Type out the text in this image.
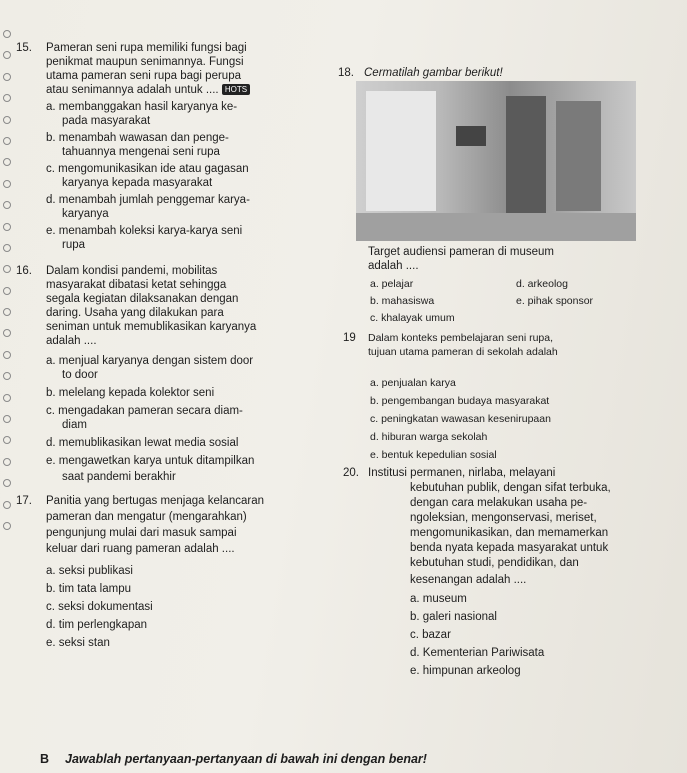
15. Pameran seni rupa memiliki fungsi bagi
penikmat maupun senimannya. Fungsi
utama pameran seni rupa bagi perupa
atau senimannya adalah untuk .... HOTS
a. membanggakan hasil karyanya ke-
pada masyarakat
b. menambah wawasan dan penge-
tahuannya mengenai seni rupa
c. mengomunikasikan ide atau gagasan
karyanya kepada masyarakat
d. menambah jumlah penggemar karya-
karyanya
e. menambah koleksi karya-karya seni
rupa
16. Dalam kondisi pandemi, mobilitas
masyarakat dibatasi ketat sehingga
segala kegiatan dilaksanakan dengan
daring. Usaha yang dilakukan para
seniman untuk memublikasikan karyanya
adalah ....
a. menjual karyanya dengan sistem door
to door
b. melelang kepada kolektor seni
c. mengadakan pameran secara diam-
diam
d. memublikasikan lewat media sosial
e. mengawetkan karya untuk ditampilkan
saat pandemi berakhir
17. Panitia yang bertugas menjaga kelancaran
pameran dan mengatur (mengarahkan)
pengunjung mulai dari masuk sampai
keluar dari ruang pameran adalah ....
a. seksi publikasi
b. tim tata lampu
c. seksi dokumentasi
d. tim perlengkapan
e. seksi stan
18. Cermatilah gambar berikut!
Target audiensi pameran di museum
adalah ....
a. pelajar	d. arkeolog
b. mahasiswa	e. pihak sponsor
c. khalayak umum
19 Dalam konteks pembelajaran seni rupa,
tujuan utama pameran di sekolah adalah
a. penjualan karya
b. pengembangan budaya masyarakat
c. peningkatan wawasan kesenirupaan
d. hiburan warga sekolah
e. bentuk kepedulian sosial
20. Institusi permanen, nirlaba, melayani
kebutuhan publik, dengan sifat terbuka,
dengan cara melakukan usaha pe-
ngoleksian, mengonservasi, meriset,
mengomunikasikan, dan memamerkan
benda nyata kepada masyarakat untuk
kebutuhan studi, pendidikan, dan
kesenangan adalah ....
a. museum
b. galeri nasional
c. bazar
d. Kementerian Pariwisata
e. himpunan arkeolog
B Jawablah pertanyaan-pertanyaan di bawah ini dengan benar!
